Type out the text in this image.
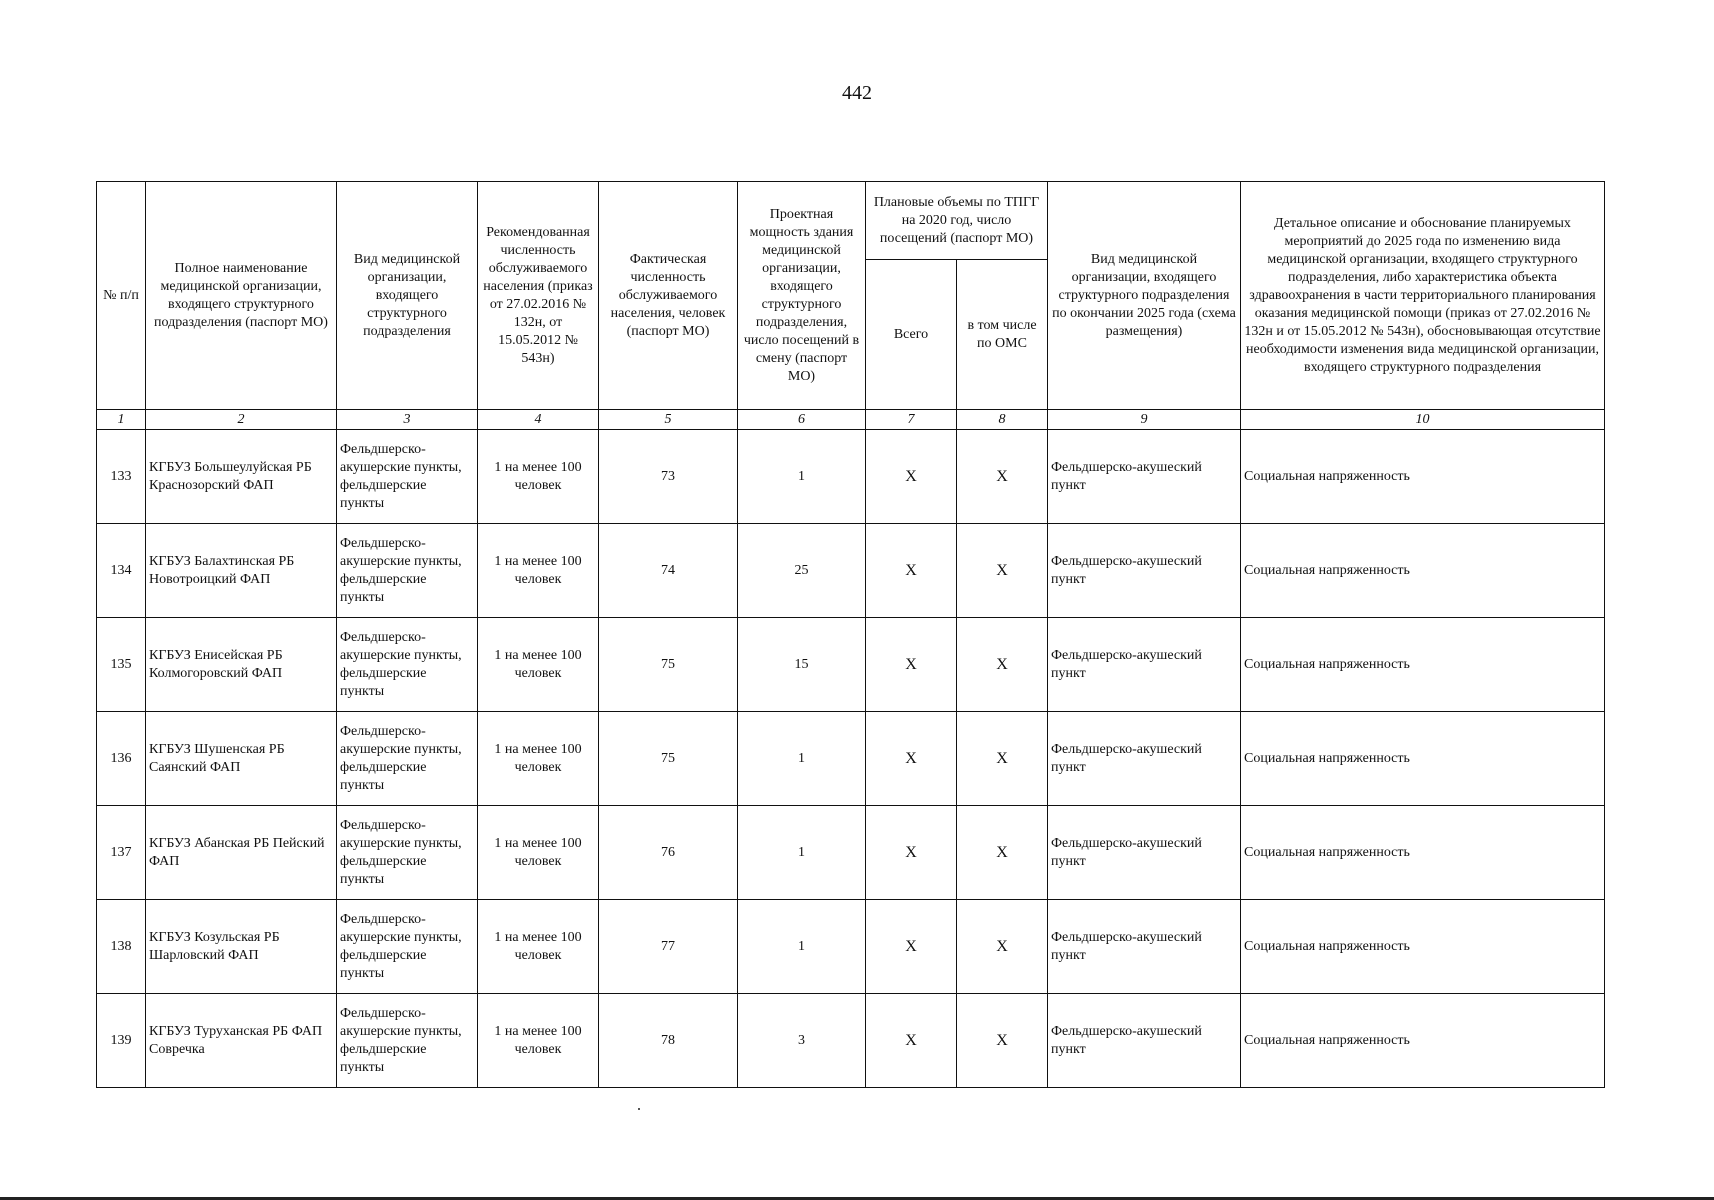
442
№ п/п	Полное наименование медицинской организации, входящего структурного подразделения (паспорт МО)	Вид медицинской организации, входящего структурного подразделения	Рекомендованная численность обслуживаемого населения (приказ от 27.02.2016 № 132н, от 15.05.2012 № 543н)	Фактическая численность обслуживаемого населения, человек (паспорт МО)	Проектная мощность здания медицинской организации, входящего структурного подразделения, число посещений в смену (паспорт МО)	Плановые объемы по ТПГГ на 2020 год, число посещений (паспорт МО)		Вид медицинской организации, входящего структурного подразделения по окончании 2025 года (схема размещения)	Детальное описание и обоснование планируемых мероприятий до 2025 года по изменению вида медицинской организации, входящего структурного подразделения, либо характеристика объекта здравоохранения в части территориального планирования оказания медицинской помощи (приказ от 27.02.2016 № 132н и от 15.05.2012 № 543н), обосновывающая отсутствие необходимости изменения вида медицинской организации, входящего структурного подразделения
						Всего	в том числе по ОМС		
1	2	3	4	5	6	7	8	9	10
133	КГБУЗ Большеулуйская РБ Краснозорский ФАП	Фельдшерско-акушерские пункты, фельдшерские пункты	1 на менее 100 человек	73	1	X	X	Фельдшерско-акушеский пункт	Социальная напряженность
134	КГБУЗ Балахтинская РБ Новотроицкий ФАП	Фельдшерско-акушерские пункты, фельдшерские пункты	1 на менее 100 человек	74	25	X	X	Фельдшерско-акушеский пункт	Социальная напряженность
135	КГБУЗ Енисейская РБ Колмогоровский ФАП	Фельдшерско-акушерские пункты, фельдшерские пункты	1 на менее 100 человек	75	15	X	X	Фельдшерско-акушеский пункт	Социальная напряженность
136	КГБУЗ Шушенская РБ Саянский ФАП	Фельдшерско-акушерские пункты, фельдшерские пункты	1 на менее 100 человек	75	1	X	X	Фельдшерско-акушеский пункт	Социальная напряженность
137	КГБУЗ Абанская РБ Пейский ФАП	Фельдшерско-акушерские пункты, фельдшерские пункты	1 на менее 100 человек	76	1	X	X	Фельдшерско-акушеский пункт	Социальная напряженность
138	КГБУЗ Козульская РБ Шарловский ФАП	Фельдшерско-акушерские пункты, фельдшерские пункты	1 на менее 100 человек	77	1	X	X	Фельдшерско-акушеский пункт	Социальная напряженность
139	КГБУЗ Туруханская РБ ФАП Совречка	Фельдшерско-акушерские пункты, фельдшерские пункты	1 на менее 100 человек	78	3	X	X	Фельдшерско-акушеский пункт	Социальная напряженность
